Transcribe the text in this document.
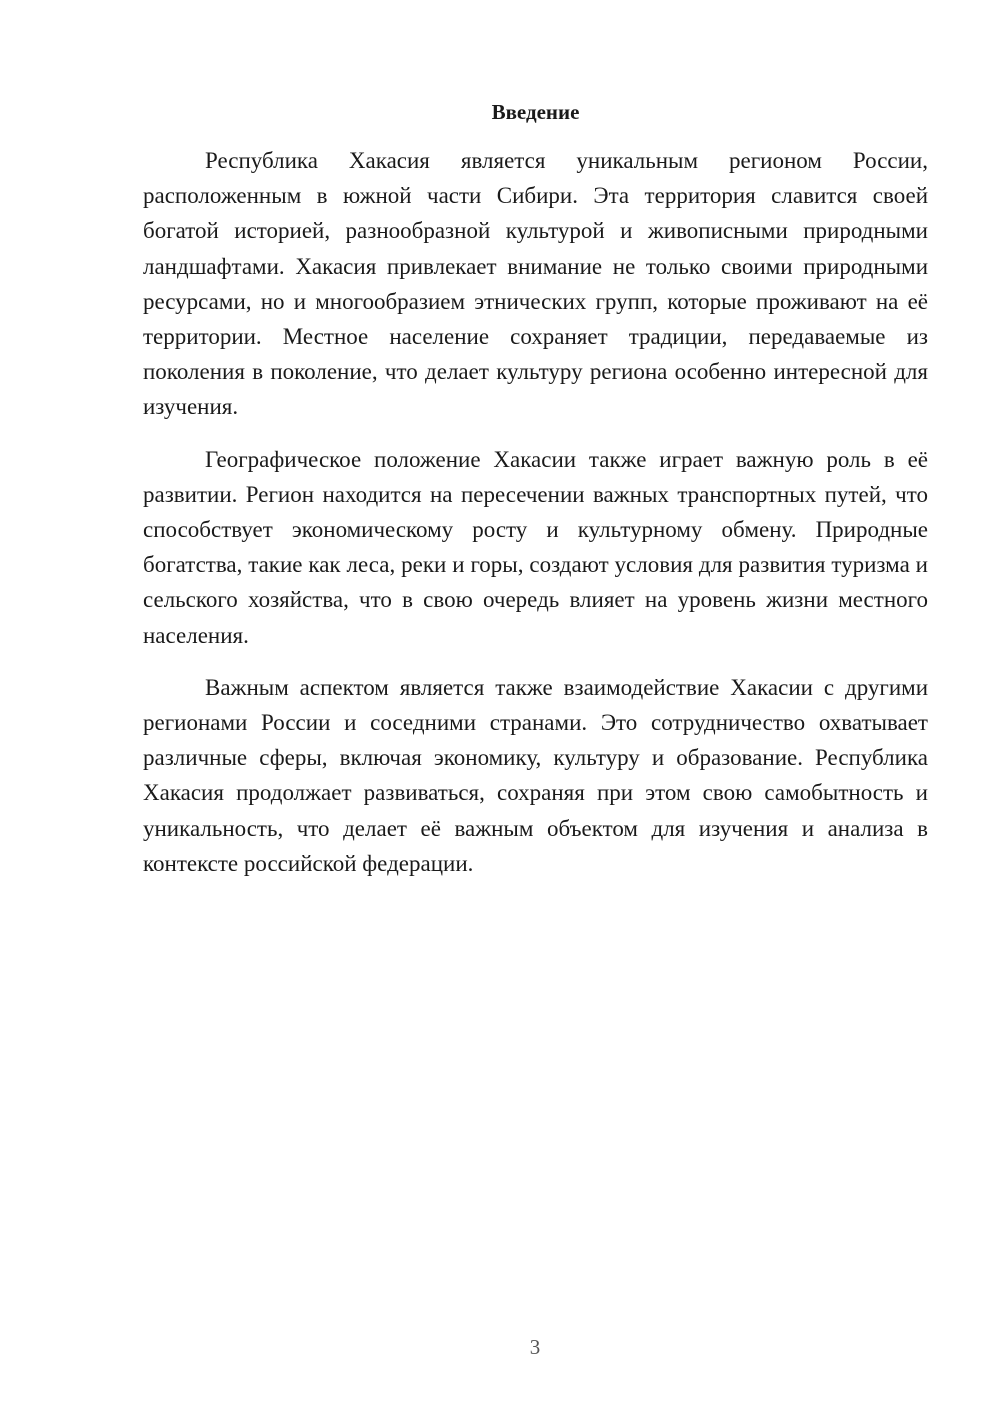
Введение

Республика Хакасия является уникальным регионом России, расположенным в южной части Сибири. Эта территория славится своей богатой историей, разнообразной культурой и живописными природными ландшафтами. Хакасия привлекает внимание не только своими природными ресурсами, но и многообразием этнических групп, которые проживают на её территории. Местное население сохраняет традиции, передаваемые из поколения в поколение, что делает культуру региона особенно интересной для изучения.

Географическое положение Хакасии также играет важную роль в её развитии. Регион находится на пересечении важных транспортных путей, что способствует экономическому росту и культурному обмену. Природные богатства, такие как леса, реки и горы, создают условия для развития туризма и сельского хозяйства, что в свою очередь влияет на уровень жизни местного населения.

Важным аспектом является также взаимодействие Хакасии с другими регионами России и соседними странами. Это сотрудничество охватывает различные сферы, включая экономику, культуру и образование. Республика Хакасия продолжает развиваться, сохраняя при этом свою самобытность и уникальность, что делает её важным объектом для изучения и анализа в контексте российской федерации.

3
